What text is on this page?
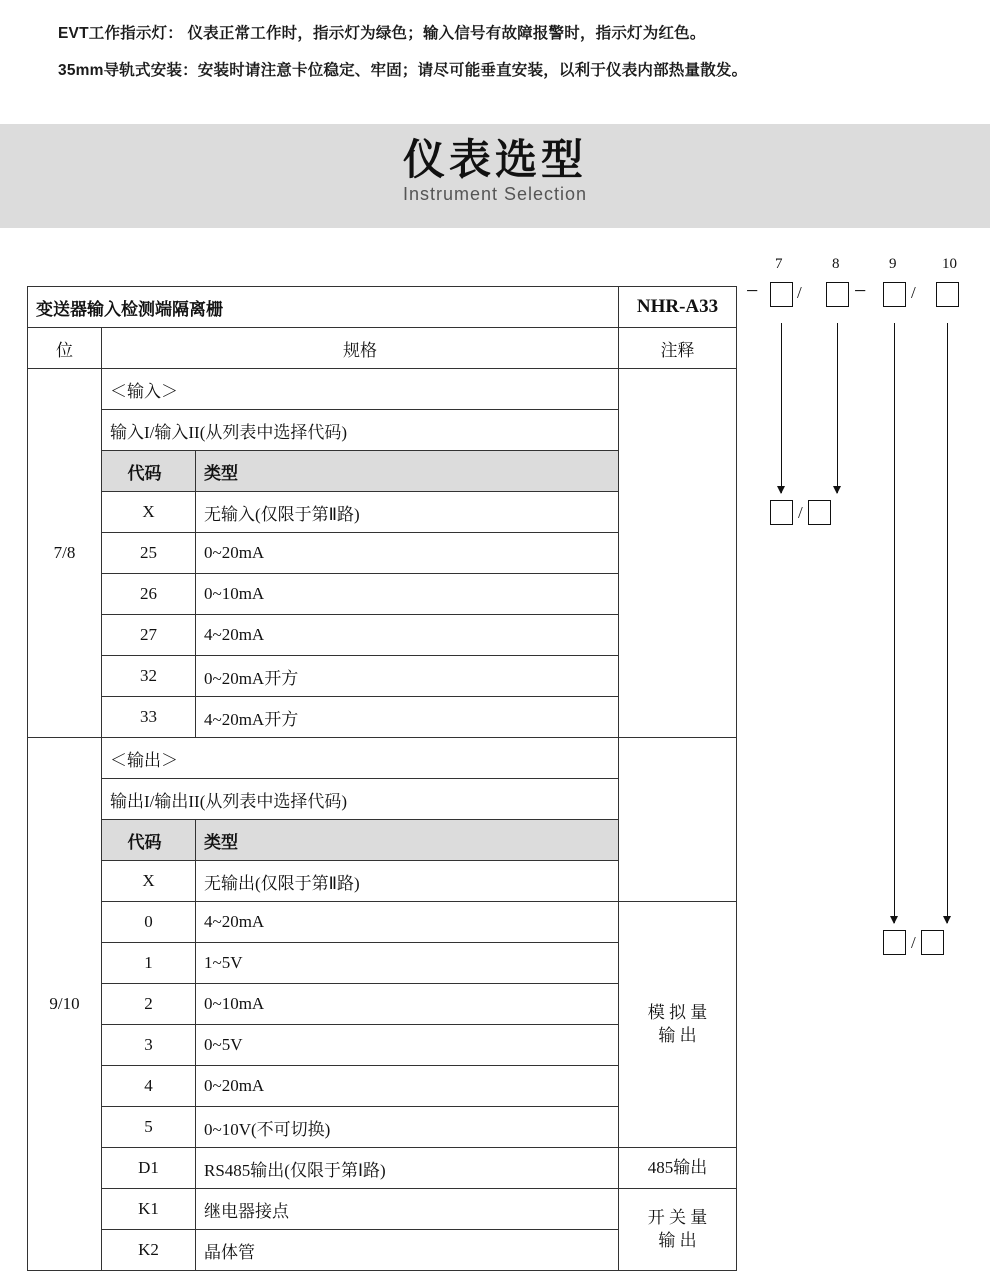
EVT工作指示灯： 仪表正常工作时，指示灯为绿色；输入信号有故障报警时，指示灯为红色。
35mm导轨式安装：安装时请注意卡位稳定、牢固；请尽可能垂直安装，以利于仪表内部热量散发。
仪表选型
Instrument Selection
7	8	9	10
− / −	/
/
/
变送器输入检测端隔离栅			NHR-A33
位	规格		注释
7/8	＜输入＞		
	输入I/输入II(从列表中选择代码)		
	代码	类型	
	X	无输入(仅限于第Ⅱ路)	
	25	0~20mA	
	26	0~10mA	
	27	4~20mA	
	32	0~20mA开方	
	33	4~20mA开方	
9/10	＜输出＞		
	输出I/输出II(从列表中选择代码)		
	代码	类型	
	X	无输出(仅限于第Ⅱ路)	
	0	4~20mA	模 拟 量
输 出

	1	1~5V	
	2	0~10mA	
	3	0~5V	
	4	0~20mA	
	5	0~10V(不可切换)	
	D1	RS485输出(仅限于第Ⅰ路)	485输出
	K1	继电器接点	开 关 量
输 出

	K2	晶体管	
